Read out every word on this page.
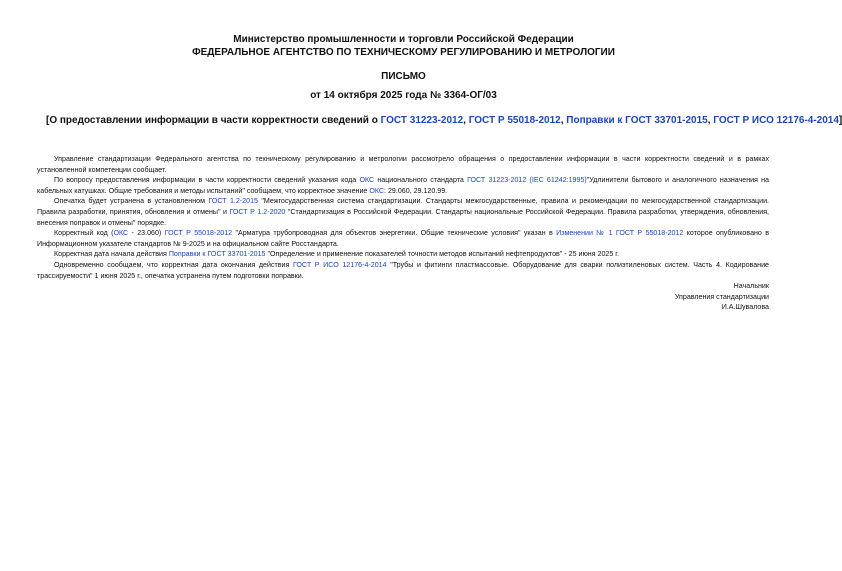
Министерство промышленности и торговли Российской Федерации
ФЕДЕРАЛЬНОЕ АГЕНТСТВО ПО ТЕХНИЧЕСКОМУ РЕГУЛИРОВАНИЮ И МЕТРОЛОГИИ
ПИСЬМО
от 14 октября 2025 года № 3364-ОГ/03
[О предоставлении информации в части корректности сведений о ГОСТ 31223-2012, ГОСТ Р 55018-2012, Поправки к ГОСТ 33701-2015, ГОСТ Р ИСО 12176-4-2014]

Управление стандартизации Федерального агентства по техническому регулированию и метрологии рассмотрело обращения о предоставлении информации в части корректности сведений и в рамках установленной компетенции сообщает.

По вопросу предоставления информации в части корректности сведений указания кода ОКС национального стандарта ГОСТ 31223-2012 (IEC 61242:1995)"Удлинители бытового и аналогичного назначения на кабельных катушках. Общие требования и методы испытаний" сообщаем, что корректное значение ОКС: 29.060, 29.120.99.

Опечатка будет устранена в установленном ГОСТ 1.2-2015 "Межгосударственная система стандартизации. Стандарты межгосударственные, правила и рекомендации по межгосударственной стандартизации. Правила разработки, принятия, обновления и отмены" и ГОСТ Р 1.2-2020 "Стандартизация в Российской Федерации. Стандарты национальные Российской Федерации. Правила разработки, утверждения, обновления, внесения поправок и отмены" порядке.

Корректный код (ОКС - 23.060) ГОСТ Р 55018-2012 "Арматура трубопроводная для объектов энергетики. Общие технические условия" указан в Изменении № 1 ГОСТ Р 55018-2012 которое опубликовано в Информационном указателе стандартов № 9-2025 и на официальном сайте Росстандарта.

Корректная дата начала действия Поправки к ГОСТ 33701-2015 "Определение и применение показателей точности методов испытаний нефтепродуктов" - 25 июня 2025 г.

Одновременно сообщаем, что корректная дата окончания действия ГОСТ Р ИСО 12176-4-2014 "Трубы и фитинги пластмассовые. Оборудование для сварки полиэтиленовых систем. Часть 4. Кодирование трассируемости" 1 июня 2025 г., опечатка устранена путем подготовки поправки.

Начальник
Управления стандартизации
И.А.Шувалова
